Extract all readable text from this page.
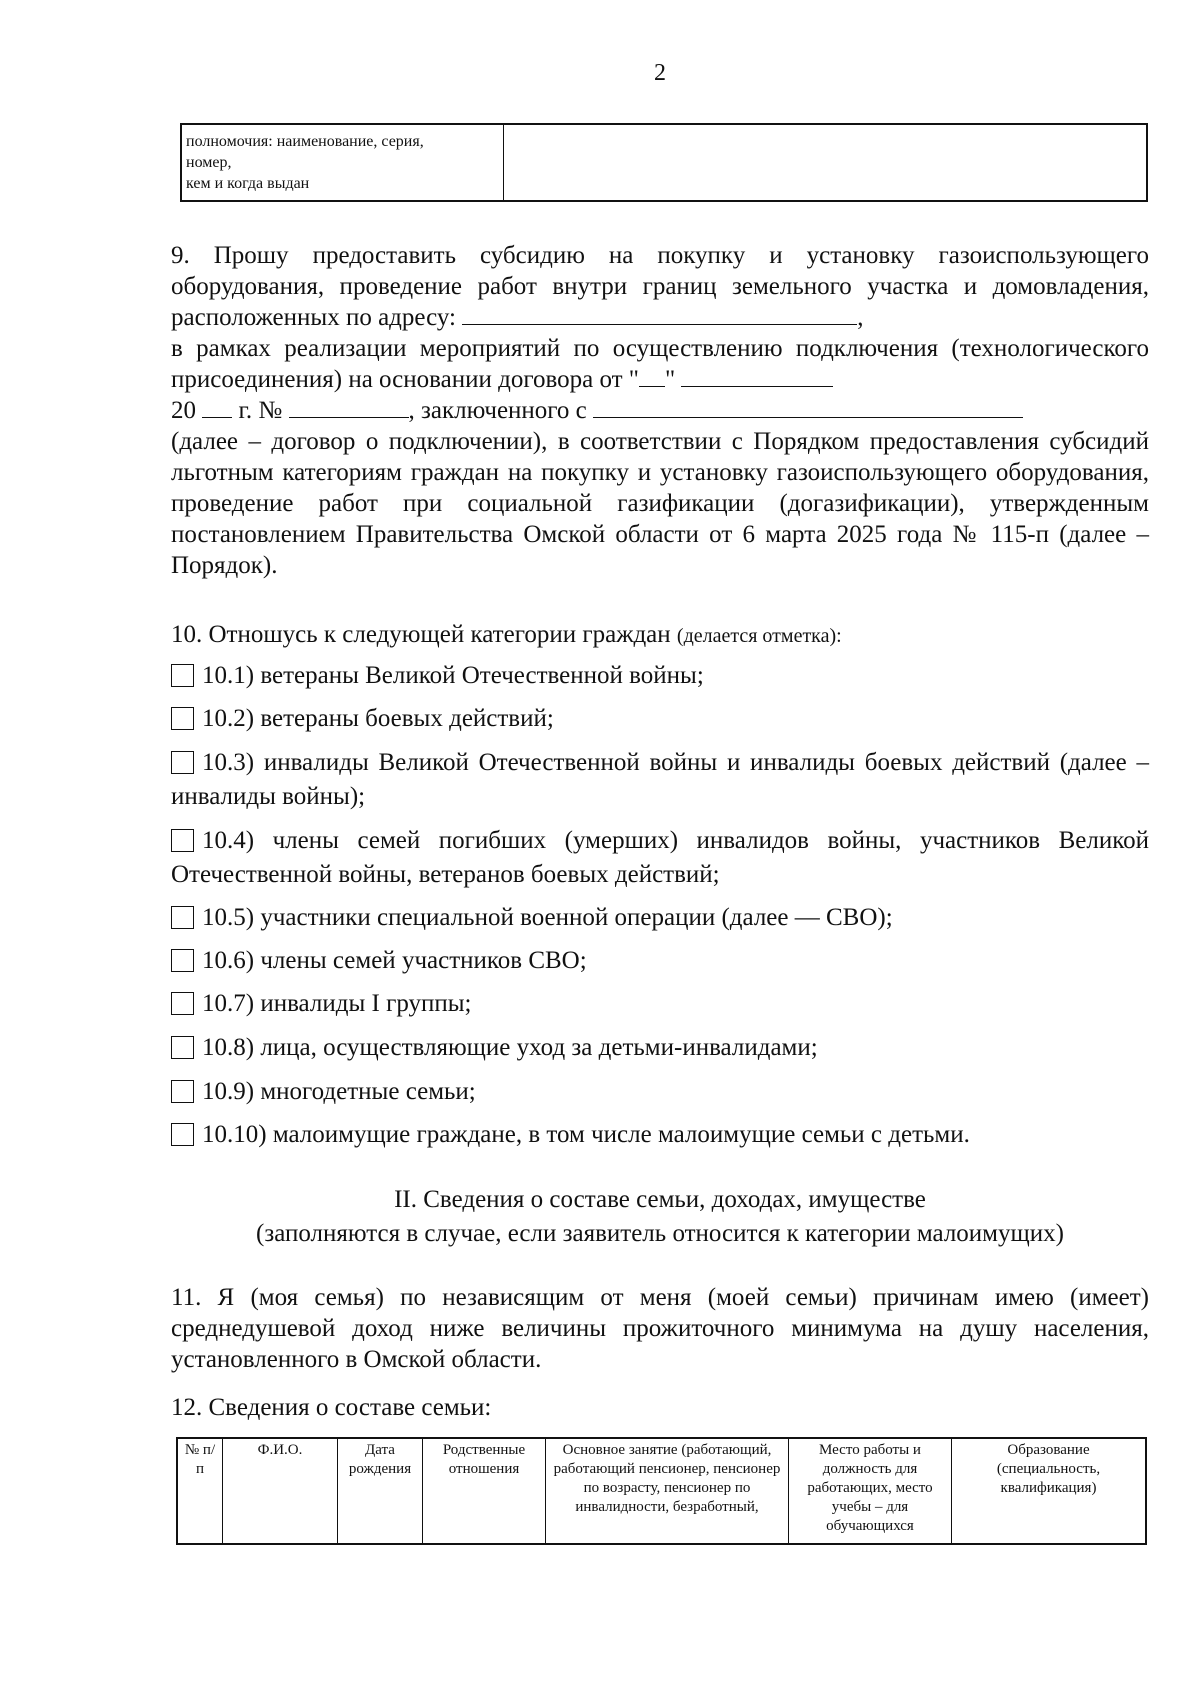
2
полномочия: наименование, серия,
номер,
кем и когда выдан

9. Прошу предоставить субсидию на покупку и установку газоиспользующего оборудования, проведение работ внутри границ земельного участка и домовладения, расположенных по адресу:	,

в рамках реализации мероприятий по осуществлению подключения (технологического присоединения) на основании договора от " "

20 г. №	, заключенного с

(далее – договор о подключении), в соответствии с Порядком предоставления субсидий льготным категориям граждан на покупку и установку газоиспользующего оборудования, проведение работ при социальной газификации (догазификации), утвержденным постановлением Правительства Омской области от 6 марта 2025 года № 115-п (далее – Порядок).

10. Отношусь к следующей категории граждан (делается отметка):
10.1) ветераны Великой Отечественной войны;
10.2) ветераны боевых действий;
10.3) инвалиды Великой Отечественной войны и инвалиды боевых действий (далее – инвалиды войны);
10.4) члены семей погибших (умерших) инвалидов войны, участников Великой Отечественной войны, ветеранов боевых действий;
10.5) участники специальной военной операции (далее — СВО);
10.6) члены семей участников СВО;
10.7) инвалиды I группы;
10.8) лица, осуществляющие уход за детьми-инвалидами;
10.9) многодетные семьи;
10.10) малоимущие граждане, в том числе малоимущие семьи с детьми.
II. Сведения о составе семьи, доходах, имуществе
(заполняются в случае, если заявитель относится к категории малоимущих)
11. Я (моя семья) по независящим от меня (моей семьи) причинам имею (имеет) среднедушевой доход ниже величины прожиточного минимума на душу населения, установленного в Омской области.
12. Сведения о составе семьи:
№ п/п	Ф.И.О.	Дата рождения	Родственные отношения	Основное занятие (работающий, работающий пенсионер, пенсионер по возрасту, пенсионер по инвалидности, безработный,	Место работы и должность для работающих, место учебы – для обучающихся	Образование (специальность, квалификация)
